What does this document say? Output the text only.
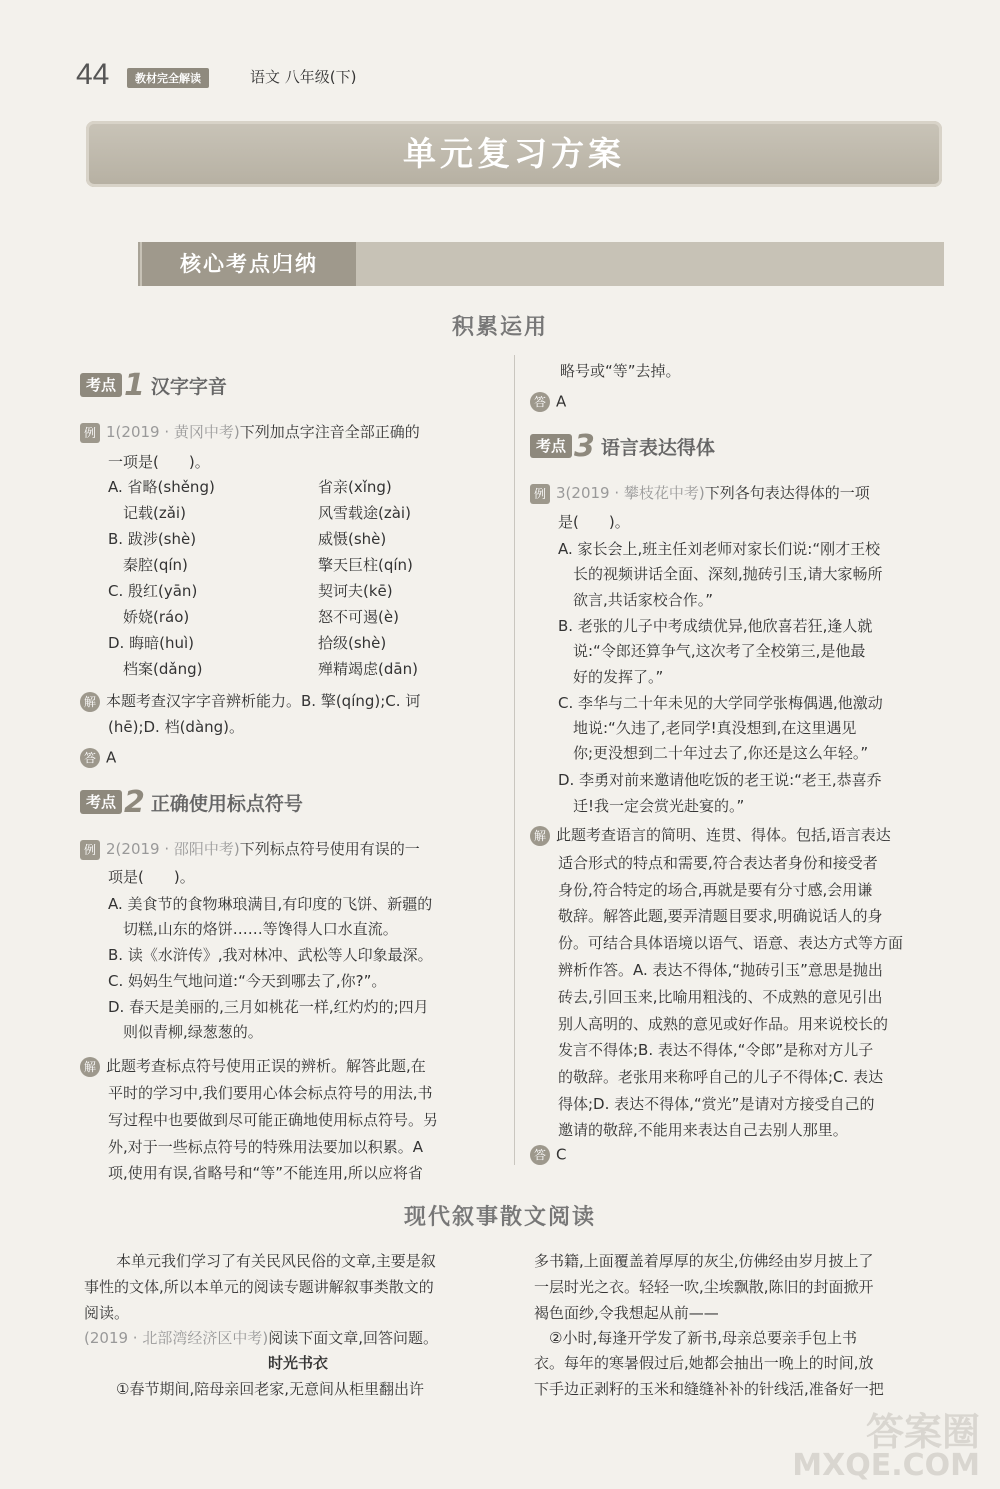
44	教材完全解读	语文 八年级(下)
单元复习方案
核心考点归纳
积累运用
考点 1 汉字字音
例 1(2019 · 黄冈中考)下列加点字注音全部正确的
一项是(　　)。
A. 省略(shěng)	省亲(xǐng)
　记载(zǎi)	风雪载途(zài)
B. 跋涉(shè)	威慑(shè)
　秦腔(qín)	擎天巨柱(qín)
C. 殷红(yān)	契诃夫(kē)
　娇娆(ráo)	怒不可遏(è)
D. 晦暗(huì)	拾级(shè)
　档案(dǎng)	殚精竭虑(dān)
解 本题考查汉字字音辨析能力。B. 擎(qíng);C. 诃
(hē);D. 档(dàng)。
答 A
考点 2 正确使用标点符号
例 2(2019 · 邵阳中考)下列标点符号使用有误的一
项是(　　)。
A. 美食节的食物琳琅满目,有印度的飞饼、新疆的
　切糕,山东的烙饼……等馋得人口水直流。
B. 读《水浒传》,我对林冲、武松等人印象最深。
C. 妈妈生气地问道:“今天到哪去了,你?”。
D. 春天是美丽的,三月如桃花一样,红灼灼的;四月
　则似青柳,绿葱葱的。
解 此题考查标点符号使用正误的辨析。解答此题,在
平时的学习中,我们要用心体会标点符号的用法,书
写过程中也要做到尽可能正确地使用标点符号。另
外,对于一些标点符号的特殊用法要加以积累。A
项,使用有误,省略号和“等”不能连用,所以应将省
略号或“等”去掉。
答 A
考点 3 语言表达得体
例 3(2019 · 攀枝花中考)下列各句表达得体的一项
是(　　)。
A. 家长会上,班主任刘老师对家长们说:“刚才王校
　长的视频讲话全面、深刻,抛砖引玉,请大家畅所
　欲言,共话家校合作。”
B. 老张的儿子中考成绩优异,他欣喜若狂,逢人就
　说:“令郎还算争气,这次考了全校第三,是他最
　好的发挥了。”
C. 李华与二十年未见的大学同学张梅偶遇,他激动
　地说:“久违了,老同学!真没想到,在这里遇见
　你;更没想到二十年过去了,你还是这么年轻。”
D. 李勇对前来邀请他吃饭的老王说:“老王,恭喜乔
　迁!我一定会赏光赴宴的。”
解 此题考查语言的简明、连贯、得体。包括,语言表达
适合形式的特点和需要,符合表达者身份和接受者
身份,符合特定的场合,再就是要有分寸感,会用谦
敬辞。解答此题,要弄清题目要求,明确说话人的身
份。可结合具体语境以语气、语意、表达方式等方面
辨析作答。A. 表达不得体,“抛砖引玉”意思是抛出
砖去,引回玉来,比喻用粗浅的、不成熟的意见引出
别人高明的、成熟的意见或好作品。用来说校长的
发言不得体;B. 表达不得体,“令郎”是称对方儿子
的敬辞。老张用来称呼自己的儿子不得体;C. 表达
得体;D. 表达不得体,“赏光”是请对方接受自己的
邀请的敬辞,不能用来表达自己去别人那里。
答 C
现代叙事散文阅读
本单元我们学习了有关民风民俗的文章,主要是叙
事性的文体,所以本单元的阅读专题讲解叙事类散文的
阅读。
(2019 · 北部湾经济区中考)阅读下面文章,回答问题。
时光书衣
①春节期间,陪母亲回老家,无意间从柜里翻出许
多书籍,上面覆盖着厚厚的灰尘,仿佛经由岁月披上了
一层时光之衣。轻轻一吹,尘埃飘散,陈旧的封面掀开
褐色面纱,令我想起从前——
　②小时,每逢开学发了新书,母亲总要亲手包上书
衣。每年的寒暑假过后,她都会抽出一晚上的时间,放
下手边正剥籽的玉米和缝缝补补的针线活,准备好一把
答案圈
MXQE.COM
